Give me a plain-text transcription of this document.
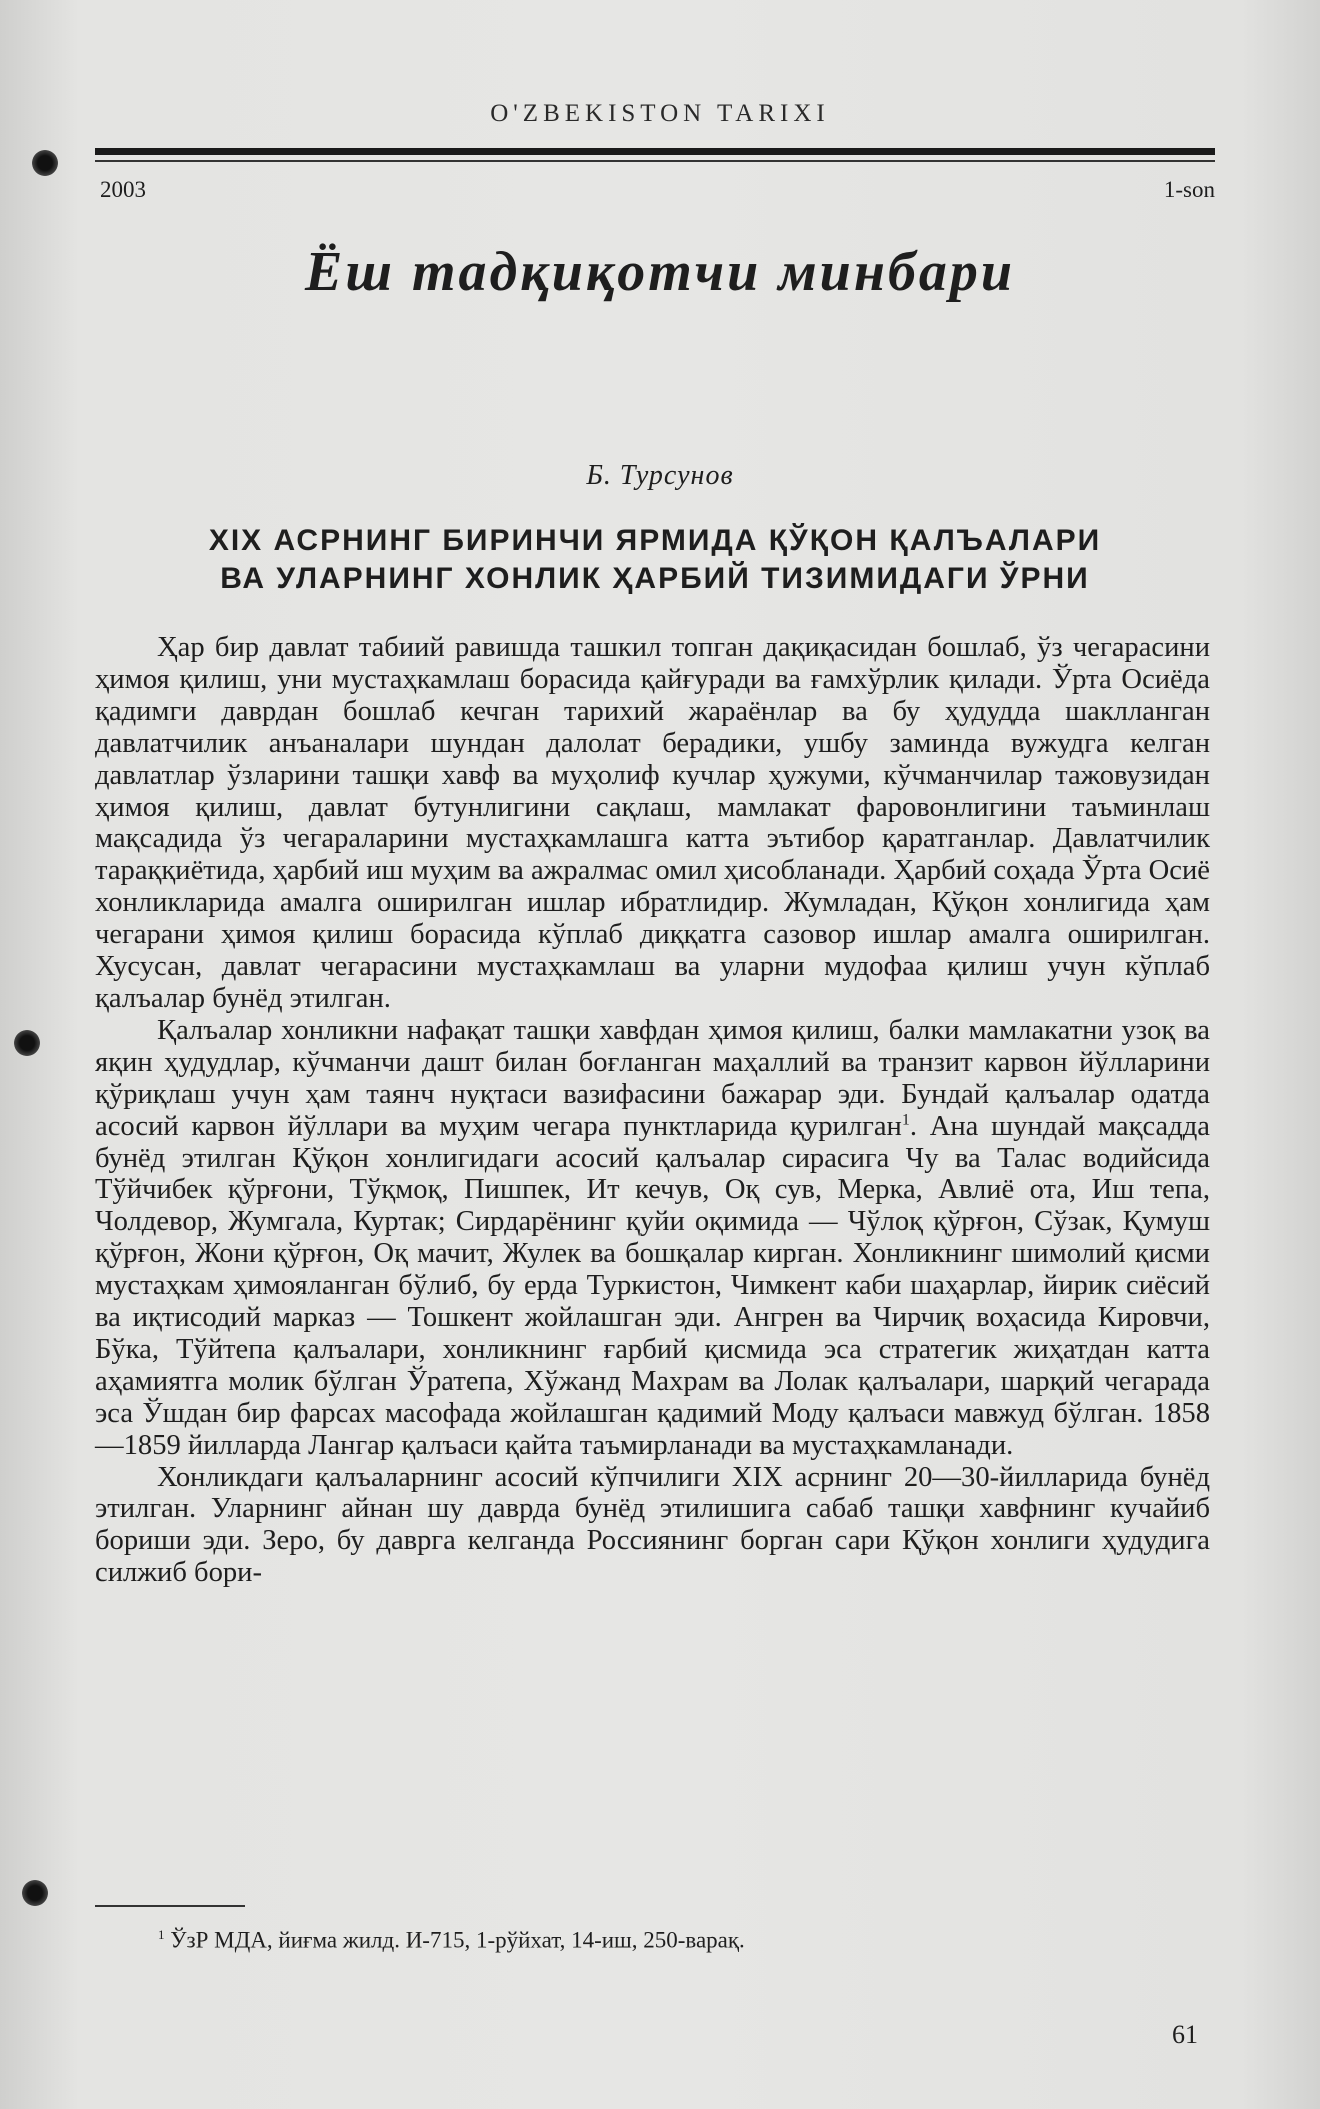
O'ZBEKISTON TARIXI
2003	1-son
Ёш тадқиқотчи минбари
Б. Турсунов
XIX АСРНИНГ БИРИНЧИ ЯРМИДА ҚЎҚОН ҚАЛЪАЛАРИ
ВА УЛАРНИНГ ХОНЛИК ҲАРБИЙ ТИЗИМИДАГИ ЎРНИ

Ҳар бир давлат табиий равишда ташкил топган дақиқасидан бошлаб, ўз чегарасини ҳимоя қилиш, уни мустаҳкамлаш борасида қайғуради ва ғамхўрлик қилади. Ўрта Осиёда қадимги даврдан бошлаб кечган тарихий жараёнлар ва бу ҳудудда шаклланган давлатчилик анъаналари шундан далолат берадики, ушбу заминда вужудга келган давлатлар ўзларини ташқи хавф ва муҳолиф кучлар ҳужуми, кўчманчилар тажовузидан ҳимоя қилиш, давлат бутунлигини сақлаш, мамлакат фаровонлигини таъминлаш мақсадида ўз чегараларини мустаҳкамлашга катта эътибор қаратганлар. Давлатчилик тараққиётида, ҳарбий иш муҳим ва ажралмас омил ҳисобланади. Ҳарбий соҳада Ўрта Осиё хонликларида амалга оширилган ишлар ибратлидир. Жумладан, Қўқон хонлигида ҳам чегарани ҳимоя қилиш борасида кўплаб диққатга сазовор ишлар амалга оширилган. Хусусан, давлат чегарасини мустаҳкамлаш ва уларни мудофаа қилиш учун кўплаб қалъалар бунёд этилган.

Қалъалар хонликни нафақат ташқи хавфдан ҳимоя қилиш, балки мамлакатни узоқ ва яқин ҳудудлар, кўчманчи дашт билан боғланган маҳаллий ва транзит карвон йўлларини қўриқлаш учун ҳам таянч нуқтаси вазифасини бажарар эди. Бундай қалъалар одатда асосий карвон йўллари ва муҳим чегара пунктларида қурилган$^1$. Ана шундай мақсадда бунёд этилган Қўқон хонлигидаги асосий қалъалар сирасига Чу ва Талас водийсида Тўйчибек қўрғони, Тўқмоқ, Пишпек, Ит кечув, Оқ сув, Мерка, Авлиё ота, Иш тепа, Чолдевор, Жумгала, Куртак; Сирдарёнинг қуйи оқимида — Чўлоқ қўрғон, Сўзак, Қумуш қўрғон, Жони қўрғон, Оқ мачит, Жулек ва бошқалар кирган. Хонликнинг шимолий қисми мустаҳкам ҳимояланган бўлиб, бу ерда Туркистон, Чимкент каби шаҳарлар, йирик сиёсий ва иқтисодий марказ — Тошкент жойлашган эди. Ангрен ва Чирчиқ воҳасида Кировчи, Бўка, Тўйтепа қалъалари, хонликнинг ғарбий қисмида эса стратегик жиҳатдан катта аҳамиятга молик бўлган Ўратепа, Хўжанд Махрам ва Лолак қалъалари, шарқий чегарада эса Ўшдан бир фарсах масофада жойлашган қадимий Моду қалъаси мавжуд бўлган. 1858—1859 йилларда Лангар қалъаси қайта таъмирланади ва мустаҳкамланади.

Хонликдаги қалъаларнинг асосий кўпчилиги XIX асрнинг 20—30-йилларида бунёд этилган. Уларнинг айнан шу даврда бунёд этилишига сабаб ташқи хавфнинг кучайиб бориши эди. Зеро, бу даврга келганда Россиянинг борган сари Қўқон хонлиги ҳудудига силжиб бори-

$^1$ ЎзР МДА, йиғма жилд. И-715, 1-рўйхат, 14-иш, 250-варақ.
61
